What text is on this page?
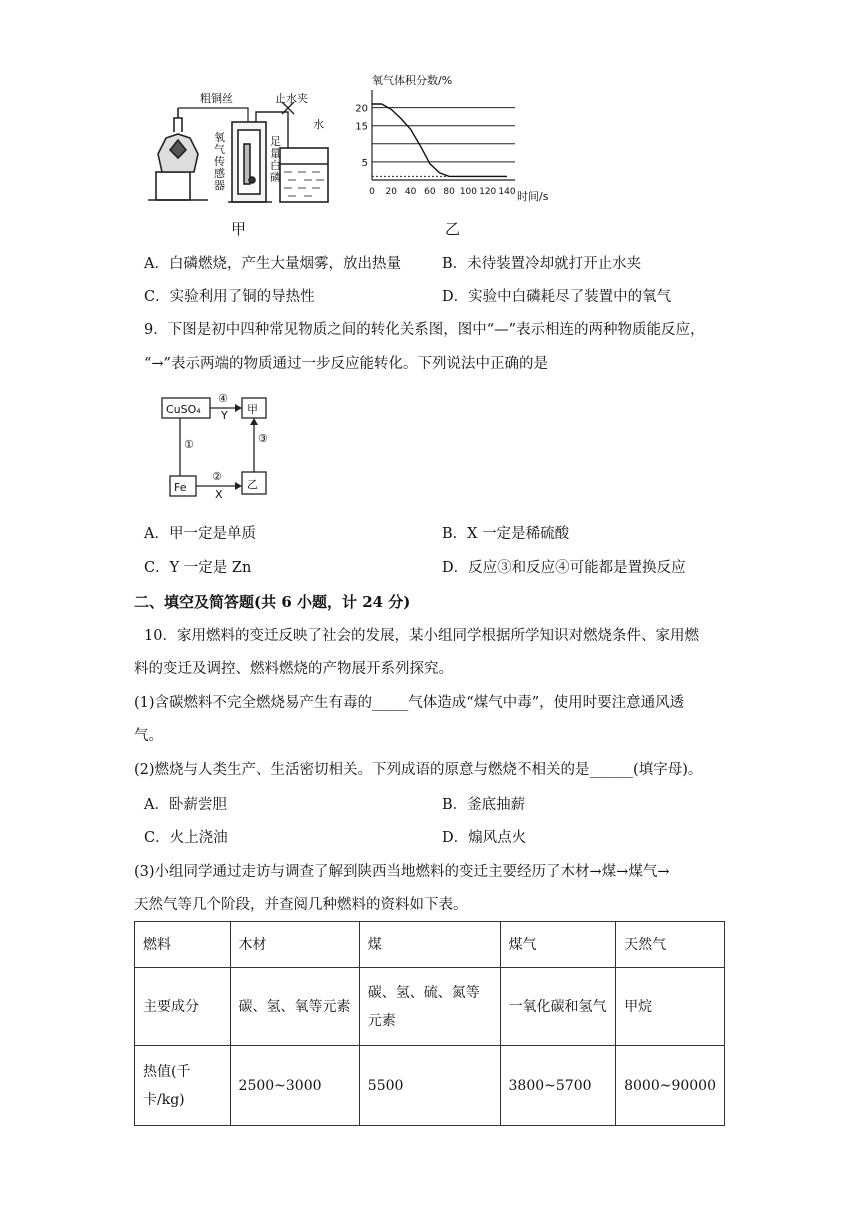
粗铜丝	止水夹
水
氧气传感器
足量白磷
甲
氧气体积分数/%
时间/s
20
15
5
0 20 40 60 80 100 120 140
乙
A．白磷燃烧，产生大量烟雾，放出热量	B．未待装置冷却就打开止水夹
C．实验利用了铜的导热性	D．实验中白磷耗尽了装置中的氧气
9．下图是初中四种常见物质之间的转化关系图，图中“—”表示相连的两种物质能反应，
“→”表示两端的物质通过一步反应能转化。下列说法中正确的是
CuSO₄	甲
Fe	乙
①
②
③
④
X
Y
A．甲一定是单质	B．X 一定是稀硫酸
C．Y 一定是 Zn	D．反应③和反应④可能都是置换反应
二、填空及简答题(共 6 小题，计 24 分)
10．家用燃料的变迁反映了社会的发展，某小组同学根据所学知识对燃烧条件、家用燃
料的变迁及调控、燃料燃烧的产物展开系列探究。
(1)含碳燃料不完全燃烧易产生有毒的_____气体造成“煤气中毒”，使用时要注意通风透
气。
(2)燃烧与人类生产、生活密切相关。下列成语的原意与燃烧不相关的是______(填字母)。
A．卧薪尝胆	B．釜底抽薪
C．火上浇油	D．煽风点火
(3)小组同学通过走访与调查了解到陕西当地燃料的变迁主要经历了木材→煤→煤气→
天然气等几个阶段，并查阅几种燃料的资料如下表。
燃料	木材	煤	煤气	天然气
主要成分	碳、氢、氧等元素	碳、氢、硫、氮等元素	一氧化碳和氢气	甲烷
热值(千卡/kg)	2500~3000	5500	3800~5700	8000~90000
